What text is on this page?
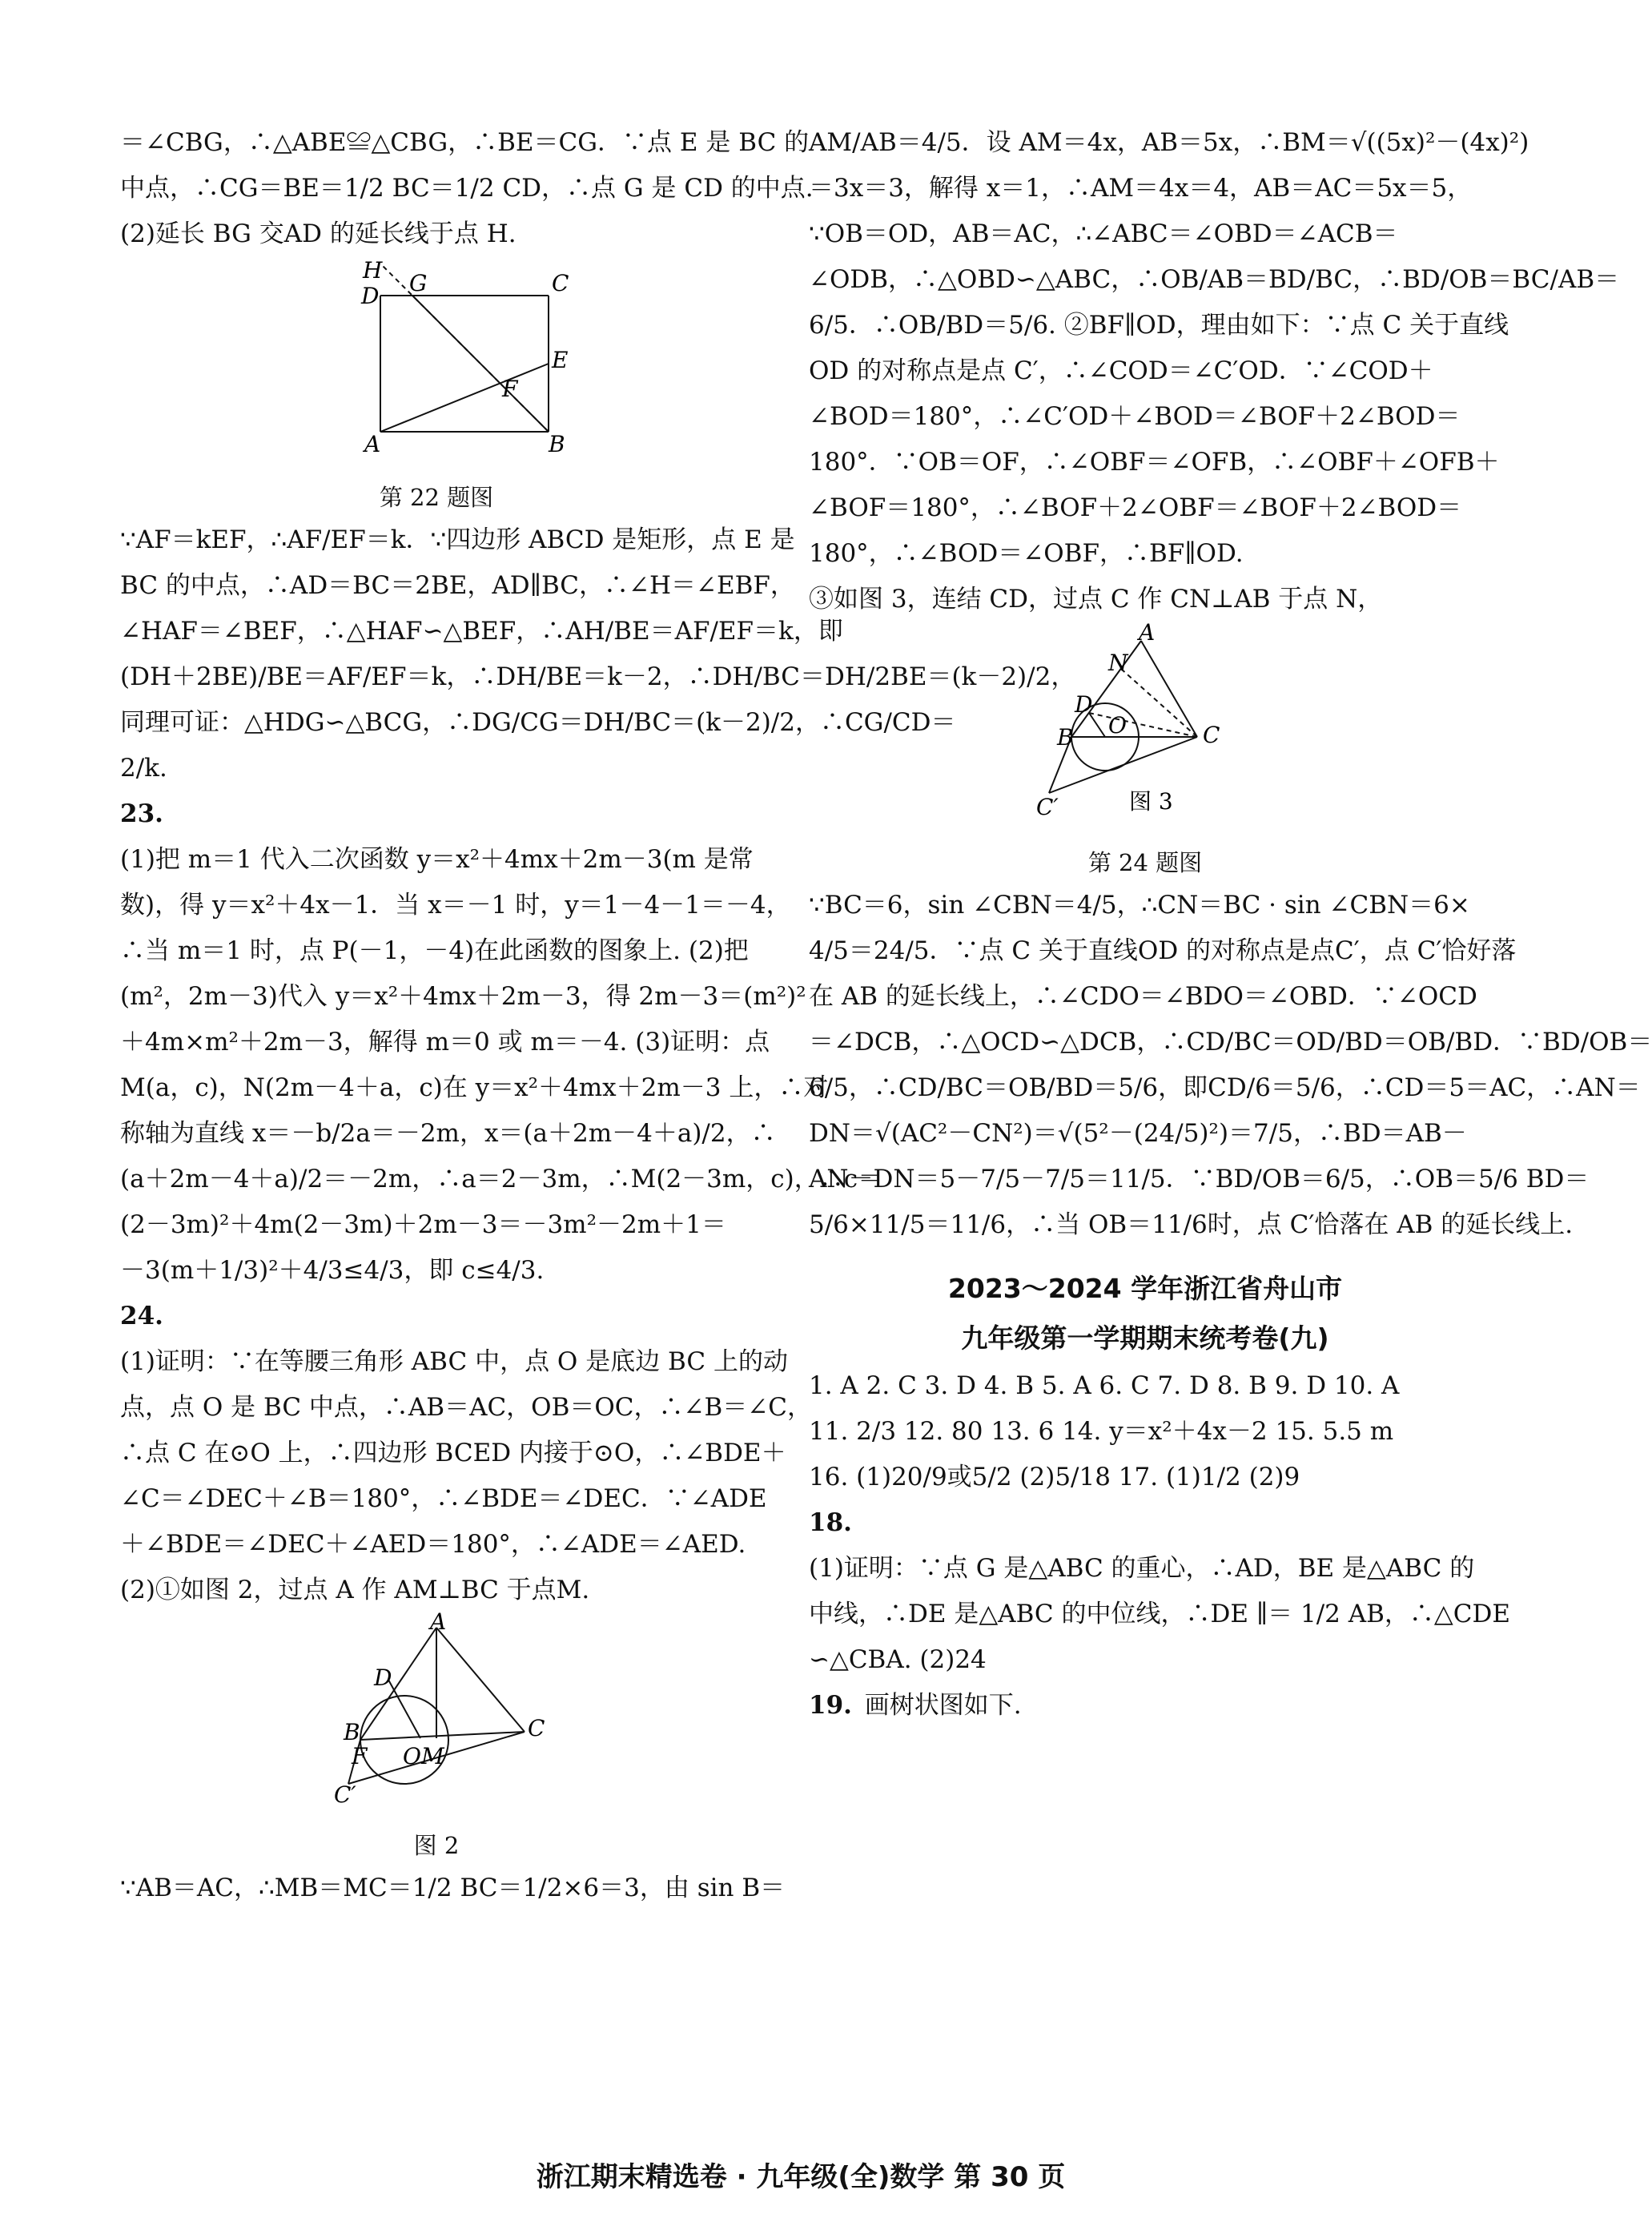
＝∠CBG，∴△ABE≌△CBG，∴BE＝CG．∵点 E 是 BC 的
中点，∴CG＝BE＝1/2 BC＝1/2 CD，∴点 G 是 CD 的中点.
(2)延长 BG 交AD 的延长线于点 H.
H
D G	C
E
F
A	B
第 22 题图
∵AF＝kEF，∴AF/EF＝k．∵四边形 ABCD 是矩形，点 E 是
BC 的中点，∴AD＝BC＝2BE，AD∥BC，∴∠H＝∠EBF，
∠HAF＝∠BEF，∴△HAF∽△BEF，∴AH/BE＝AF/EF＝k，即
(DH＋2BE)/BE＝AF/EF＝k，∴DH/BE＝k－2，∴DH/BC＝DH/2BE＝(k－2)/2，
同理可证：△HDG∽△BCG，∴DG/CG＝DH/BC＝(k－2)/2，∴CG/CD＝
2/k.
23.
(1)把 m＝1 代入二次函数 y＝x²＋4mx＋2m－3(m 是常
数)，得 y＝x²＋4x－1．当 x＝－1 时，y＝1－4－1＝－4，
∴当 m＝1 时，点 P(－1，－4)在此函数的图象上. (2)把
(m²，2m－3)代入 y＝x²＋4mx＋2m－3，得 2m－3＝(m²)²
＋4m×m²＋2m－3，解得 m＝0 或 m＝－4. (3)证明：点
M(a，c)，N(2m－4＋a，c)在 y＝x²＋4mx＋2m－3 上，∴对
称轴为直线 x＝－b/2a＝－2m，x＝(a＋2m－4＋a)/2，∴
(a＋2m－4＋a)/2＝－2m，∴a＝2－3m，∴M(2－3m，c)，∴c＝
(2－3m)²＋4m(2－3m)＋2m－3＝－3m²－2m＋1＝
－3(m＋1/3)²＋4/3≤4/3，即 c≤4/3.
24.
(1)证明：∵在等腰三角形 ABC 中，点 O 是底边 BC 上的动
点，点 O 是 BC 中点，∴AB＝AC，OB＝OC，∴∠B＝∠C，
∴点 C 在⊙O 上，∴四边形 BCED 内接于⊙O，∴∠BDE＋
∠C＝∠DEC＋∠B＝180°，∴∠BDE＝∠DEC．∵∠ADE
＋∠BDE＝∠DEC＋∠AED＝180°，∴∠ADE＝∠AED.
(2)①如图 2，过点 A 作 AM⊥BC 于点M.
A
D
B	C
OM
F
C′
图 2
∵AB＝AC，∴MB＝MC＝1/2 BC＝1/2×6＝3，由 sin B＝
AM/AB＝4/5．设 AM＝4x，AB＝5x，∴BM＝√((5x)²－(4x)²)
＝3x＝3，解得 x＝1，∴AM＝4x＝4，AB＝AC＝5x＝5，
∵OB＝OD，AB＝AC，∴∠ABC＝∠OBD＝∠ACB＝
∠ODB，∴△OBD∽△ABC，∴OB/AB＝BD/BC，∴BD/OB＝BC/AB＝
6/5．∴OB/BD＝5/6. ②BF∥OD，理由如下：∵点 C 关于直线
OD 的对称点是点 C′，∴∠COD＝∠C′OD．∵∠COD＋
∠BOD＝180°，∴∠C′OD＋∠BOD＝∠BOF＋2∠BOD＝
180°．∵OB＝OF，∴∠OBF＝∠OFB，∴∠OBF＋∠OFB＋
∠BOF＝180°，∴∠BOF＋2∠OBF＝∠BOF＋2∠BOD＝
180°，∴∠BOD＝∠OBF，∴BF∥OD.
③如图 3，连结 CD，过点 C 作 CN⊥AB 于点 N，
A
N
D
B O	C
C′	图 3
第 24 题图
∵BC＝6，sin ∠CBN＝4/5，∴CN＝BC · sin ∠CBN＝6×
4/5＝24/5．∵点 C 关于直线OD 的对称点是点C′，点 C′恰好落
在 AB 的延长线上，∴∠CDO＝∠BDO＝∠OBD．∵∠OCD
＝∠DCB，∴△OCD∽△DCB，∴CD/BC＝OD/BD＝OB/BD．∵BD/OB＝
6/5，∴CD/BC＝OB/BD＝5/6，即CD/6＝5/6，∴CD＝5＝AC，∴AN＝
DN＝√(AC²－CN²)＝√(5²－(24/5)²)＝7/5，∴BD＝AB－
AN－DN＝5－7/5－7/5＝11/5．∵BD/OB＝6/5，∴OB＝5/6 BD＝
5/6×11/5＝11/6，∴当 OB＝11/6时，点 C′恰落在 AB 的延长线上.
2023～2024 学年浙江省舟山市
九年级第一学期期末统考卷(九)
1. A 2. C 3. D 4. B 5. A 6. C 7. D 8. B 9. D 10. A
11. 2/3 12. 80 13. 6 14. y＝x²＋4x－2 15. 5.5 m
16. (1)20/9或5/2 (2)5/18 17. (1)1/2 (2)9
18.
(1)证明：∵点 G 是△ABC 的重心，∴AD，BE 是△ABC 的
中线，∴DE 是△ABC 的中位线，∴DE ∥＝ 1/2 AB，∴△CDE
∽△CBA. (2)24
19. 画树状图如下.
浙江期末精选卷 · 九年级(全)数学 第 30 页
